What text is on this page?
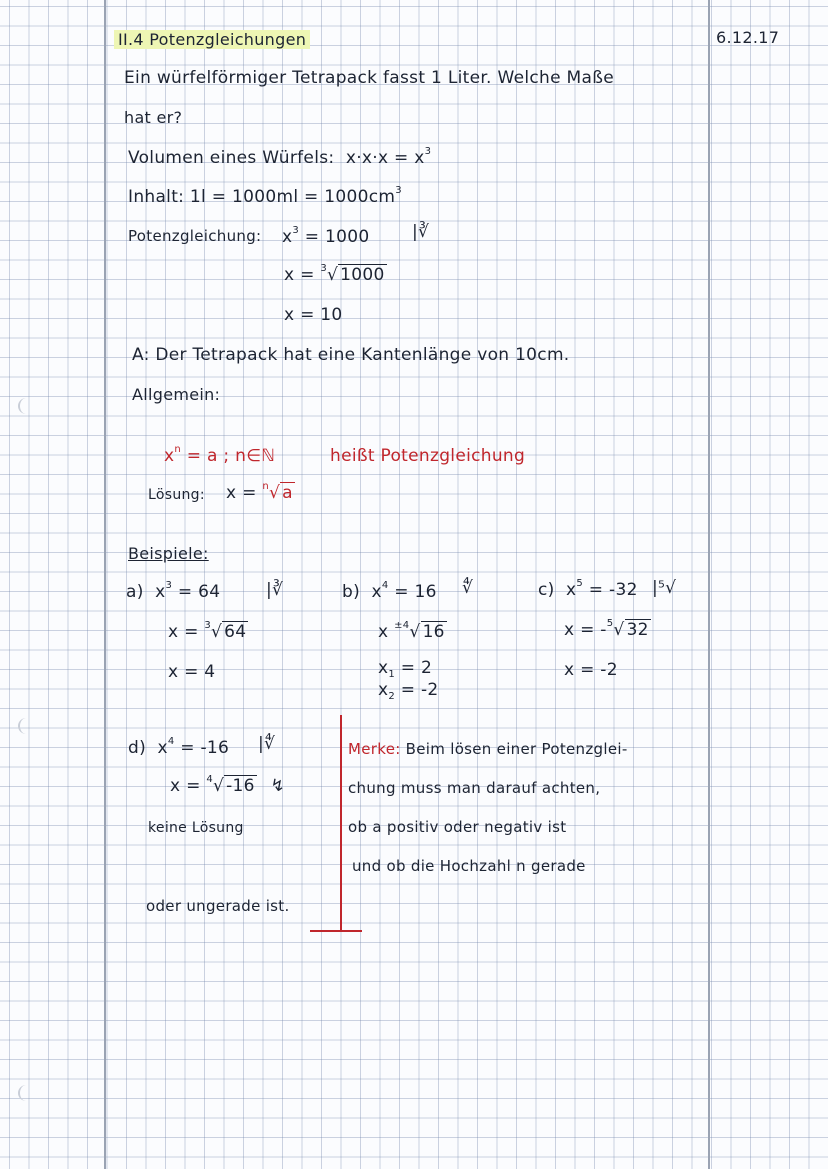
6.12.17
II.4 Potenzgleichungen
Ein würfelförmiger Tetrapack fasst 1 Liter. Welche Maße
hat er?
Volumen eines Würfels: $x\cdot x\cdot x = x^3$
Inhalt: $1l = 1000ml = 1000cm^3$
Potenzgleichung: $x^3 = 1000$	|∛
x = $^3$√ 1000
x = 10
A: Der Tetrapack hat eine Kantenlänge von 10cm.
Allgemein:
$x^n = a$ ; n∈ℕ	heißt Potenzgleichung
Lösung: x = $^n$√ a
Beispiele:
a) $x^3 = 64$	|∛
x = $^3$√ 64
x = 4
b) $x^4 = 16$ ∜
x $^{\pm 4}$√ 16
$x_1 = 2$
$x_2 = -2$
c) $x^5 = -32$ |⁵√
x = -$^5$√ 32
x = -2
d) $x^4 = -16$ |∜
x = $^4$√ -16 ↯
keine Lösung
Merke: Beim lösen einer Potenzglei-
chung muss man darauf achten,
ob a positiv oder negativ ist
und ob die Hochzahl n gerade
oder ungerade ist.
